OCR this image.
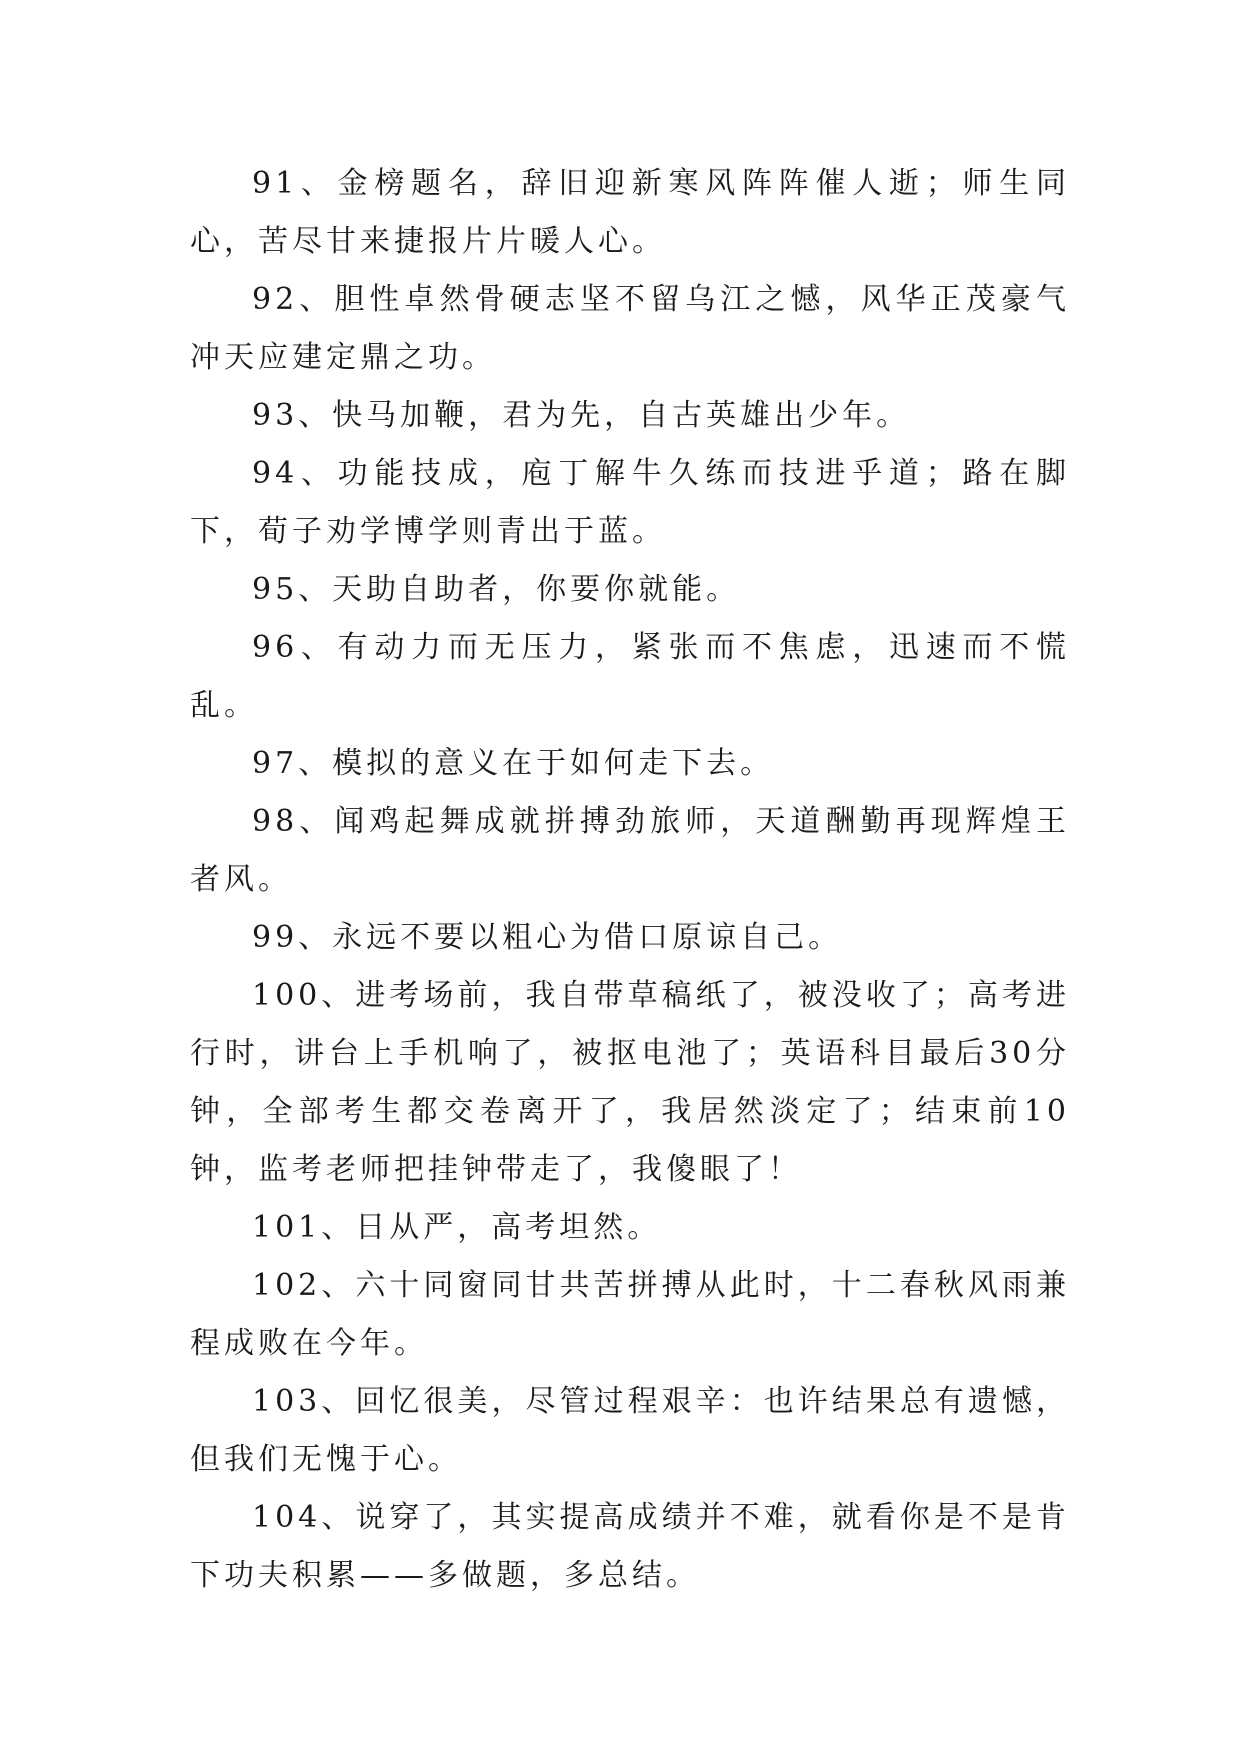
91、金榜题名，辞旧迎新寒风阵阵催人逝；师生同心，苦尽甘来捷报片片暖人心。

92、胆性卓然骨硬志坚不留乌江之憾，风华正茂豪气冲天应建定鼎之功。

93、快马加鞭，君为先，自古英雄出少年。

94、功能技成，庖丁解牛久练而技进乎道；路在脚下，荀子劝学博学则青出于蓝。

95、天助自助者，你要你就能。

96、有动力而无压力，紧张而不焦虑，迅速而不慌乱。

97、模拟的意义在于如何走下去。

98、闻鸡起舞成就拼搏劲旅师，天道酬勤再现辉煌王者风。

99、永远不要以粗心为借口原谅自己。

100、进考场前，我自带草稿纸了，被没收了；高考进行时，讲台上手机响了，被抠电池了；英语科目最后30分钟，全部考生都交卷离开了，我居然淡定了；结束前10钟，监考老师把挂钟带走了，我傻眼了！

101、日从严，高考坦然。

102、六十同窗同甘共苦拼搏从此时，十二春秋风雨兼程成败在今年。

103、回忆很美，尽管过程艰辛：也许结果总有遗憾，但我们无愧于心。

104、说穿了，其实提高成绩并不难，就看你是不是肯下功夫积累——多做题，多总结。
